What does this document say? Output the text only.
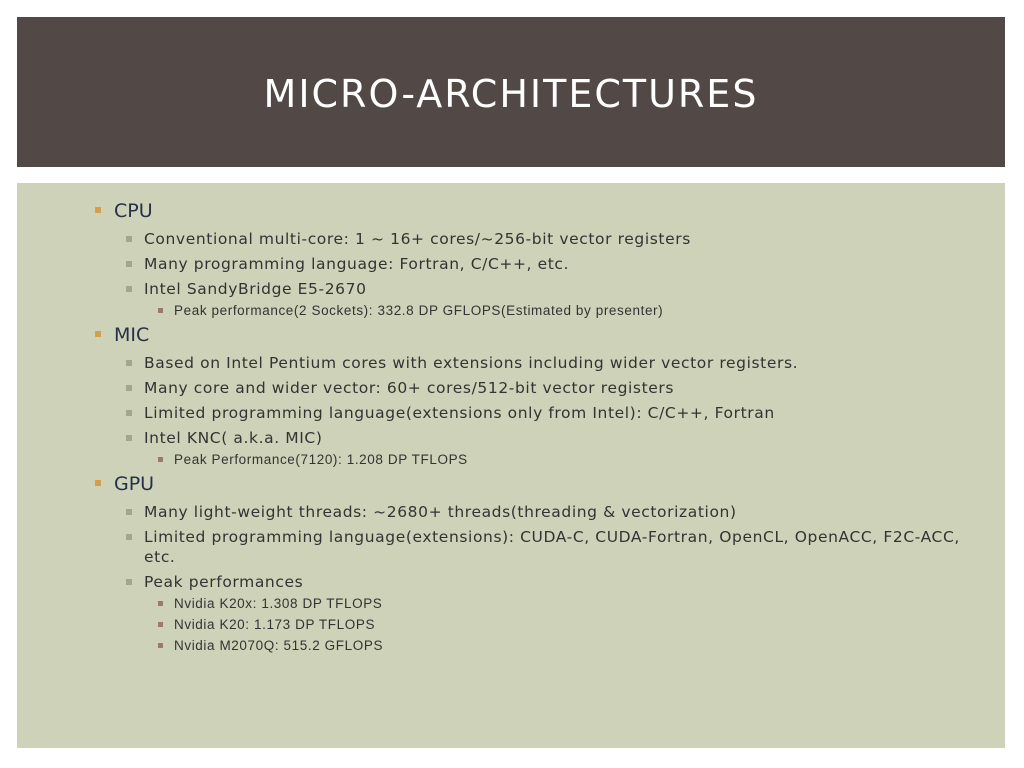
MICRO-ARCHITECTURES
CPU
Conventional multi-core: 1 ~ 16+ cores/~256-bit vector registers
Many programming language: Fortran, C/C++, etc.
Intel SandyBridge E5-2670
Peak performance(2 Sockets): 332.8 DP GFLOPS(Estimated by presenter)
MIC
Based on Intel Pentium cores with extensions including wider vector registers.
Many core and wider vector: 60+ cores/512-bit vector registers
Limited programming language(extensions only from Intel): C/C++, Fortran
Intel KNC( a.k.a. MIC)
Peak Performance(7120): 1.208 DP TFLOPS
GPU
Many light-weight threads: ~2680+ threads(threading & vectorization)
Limited programming language(extensions): CUDA-C, CUDA-Fortran, OpenCL, OpenACC, F2C-ACC, etc.
Peak performances
Nvidia K20x: 1.308 DP TFLOPS
Nvidia K20: 1.173 DP TFLOPS
Nvidia M2070Q: 515.2 GFLOPS
